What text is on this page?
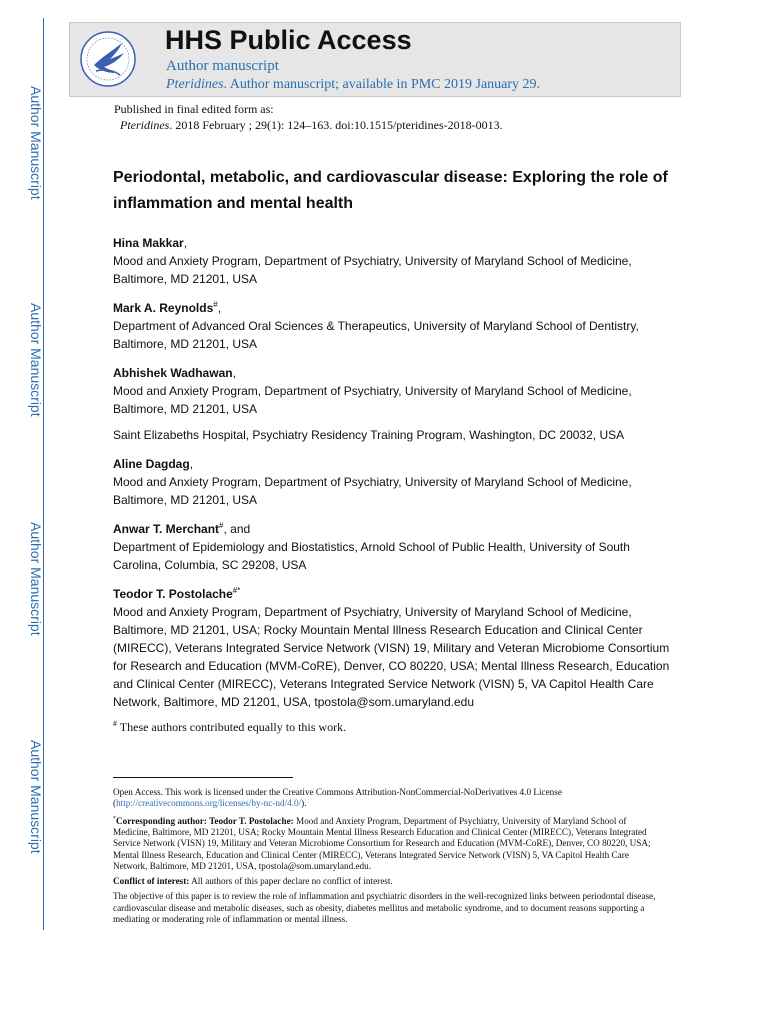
Author Manuscript
Author Manuscript
Author Manuscript
Author Manuscript
HHS Public Access
Author manuscript
Pteridines. Author manuscript; available in PMC 2019 January 29.
Published in final edited form as:
Pteridines. 2018 February ; 29(1): 124–163. doi:10.1515/pteridines-2018-0013.
Periodontal, metabolic, and cardiovascular disease: Exploring the role of inflammation and mental health
Hina Makkar,
Mood and Anxiety Program, Department of Psychiatry, University of Maryland School of Medicine, Baltimore, MD 21201, USA
Mark A. Reynolds#,
Department of Advanced Oral Sciences & Therapeutics, University of Maryland School of Dentistry, Baltimore, MD 21201, USA
Abhishek Wadhawan,
Mood and Anxiety Program, Department of Psychiatry, University of Maryland School of Medicine, Baltimore, MD 21201, USA
Saint Elizabeths Hospital, Psychiatry Residency Training Program, Washington, DC 20032, USA
Aline Dagdag,
Mood and Anxiety Program, Department of Psychiatry, University of Maryland School of Medicine, Baltimore, MD 21201, USA
Anwar T. Merchant#, and
Department of Epidemiology and Biostatistics, Arnold School of Public Health, University of South Carolina, Columbia, SC 29208, USA
Teodor T. Postolache#*
Mood and Anxiety Program, Department of Psychiatry, University of Maryland School of Medicine, Baltimore, MD 21201, USA; Rocky Mountain Mental Illness Research Education and Clinical Center (MIRECC), Veterans Integrated Service Network (VISN) 19, Military and Veteran Microbiome Consortium for Research and Education (MVM-CoRE), Denver, CO 80220, USA; Mental Illness Research, Education and Clinical Center (MIRECC), Veterans Integrated Service Network (VISN) 5, VA Capitol Health Care Network, Baltimore, MD 21201, USA, tpostola@som.umaryland.edu
# These authors contributed equally to this work.

Open Access. This work is licensed under the Creative Commons Attribution-NonCommercial-NoDerivatives 4.0 License (http://creativecommons.org/licenses/by-nc-nd/4.0/).

*Corresponding author: Teodor T. Postolache: Mood and Anxiety Program, Department of Psychiatry, University of Maryland School of Medicine, Baltimore, MD 21201, USA; Rocky Mountain Mental Illness Research Education and Clinical Center (MIRECC), Veterans Integrated Service Network (VISN) 19, Military and Veteran Microbiome Consortium for Research and Education (MVM-CoRE), Denver, CO 80220, USA; Mental Illness Research, Education and Clinical Center (MIRECC), Veterans Integrated Service Network (VISN) 5, VA Capitol Health Care Network, Baltimore, MD 21201, USA, tpostola@som.umaryland.edu.

Conflict of interest: All authors of this paper declare no conflict of interest.

The objective of this paper is to review the role of inflammation and psychiatric disorders in the well-recognized links between periodontal disease, cardiovascular disease and metabolic diseases, such as obesity, diabetes mellitus and metabolic syndrome, and to document reasons supporting a mediating or moderating role of inflammation or mental illness.
